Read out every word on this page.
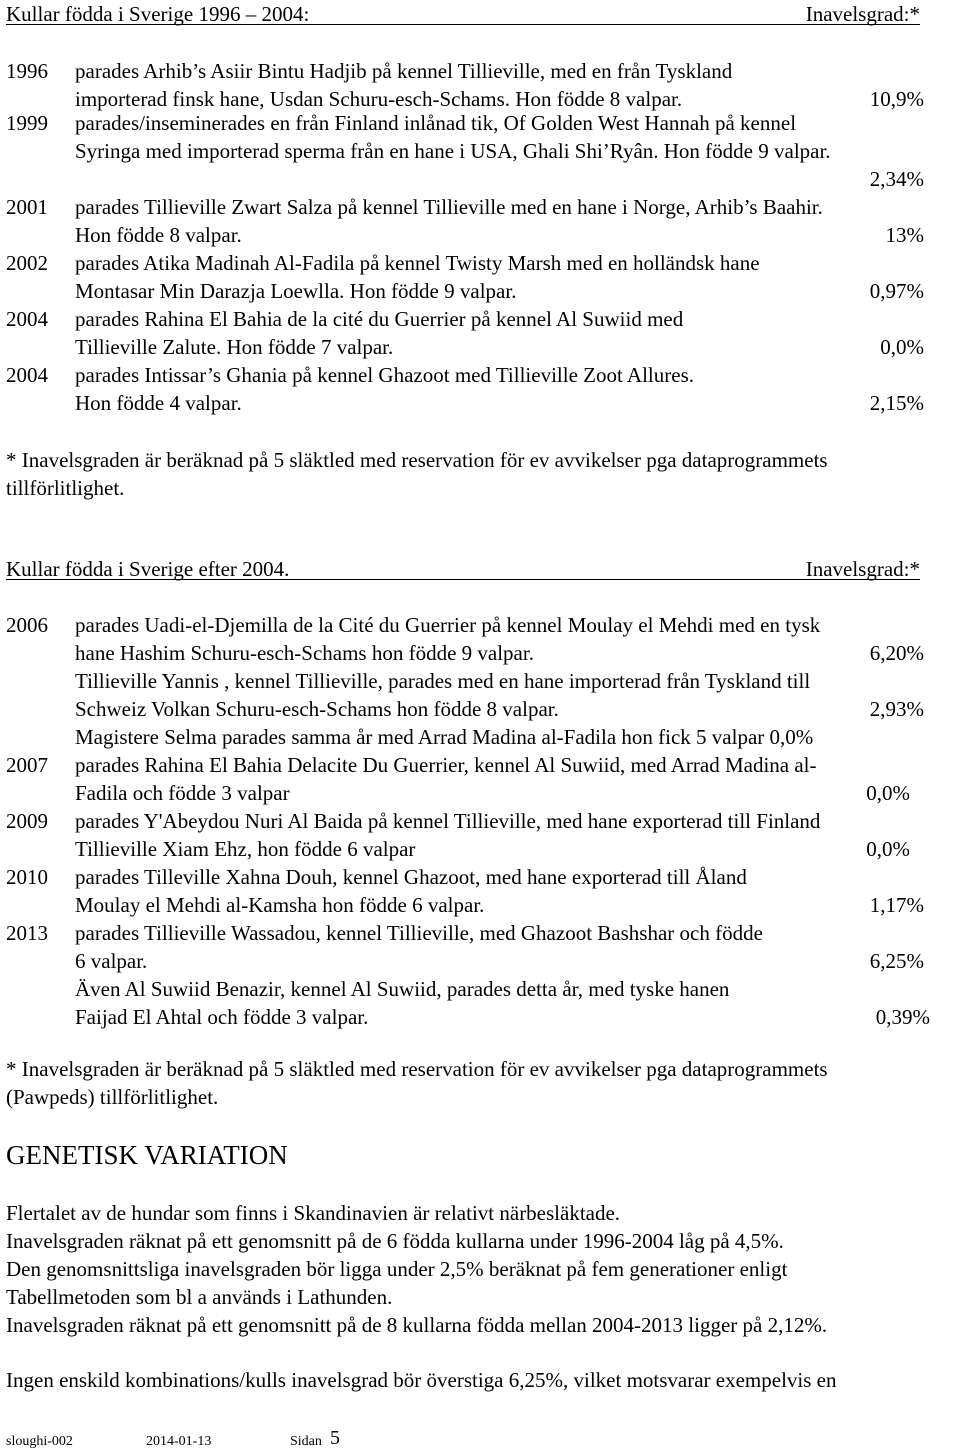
Kullar födda i Sverige 1996 – 2004:	Inavelsgrad:*
1996 parades Arhib’s Asiir Bintu Hadjib på kennel Tillieville, med en från Tyskland
importerad finsk hane, Usdan Schuru-esch-Schams. Hon födde 8 valpar.	10,9%
1999 parades/inseminerades en från Finland inlånad tik, Of Golden West Hannah på kennel
Syringa med importerad sperma från en hane i USA, Ghali Shi’Ryân. Hon födde 9 valpar.
2,34%
2001 parades Tillieville Zwart Salza på kennel Tillieville med en hane i Norge, Arhib’s Baahir.
Hon födde 8 valpar.	13%
2002 parades Atika Madinah Al-Fadila på kennel Twisty Marsh med en holländsk hane
Montasar Min Darazja Loewlla. Hon födde 9 valpar.	0,97%
2004 parades Rahina El Bahia de la cité du Guerrier på kennel Al Suwiid med
Tillieville Zalute. Hon födde 7 valpar.	0,0%
2004 parades Intissar’s Ghania på kennel Ghazoot med Tillieville Zoot Allures.
Hon födde 4 valpar.	2,15%
* Inavelsgraden är beräknad på 5 släktled med reservation för ev avvikelser pga dataprogrammets
tillförlitlighet.
Kullar födda i Sverige efter 2004.	Inavelsgrad:*
2006 parades Uadi-el-Djemilla de la Cité du Guerrier på kennel Moulay el Mehdi med en tysk
hane Hashim Schuru-esch-Schams hon födde 9 valpar.	6,20%
Tillieville Yannis , kennel Tillieville, parades med en hane importerad från Tyskland till
Schweiz Volkan Schuru-esch-Schams hon födde 8 valpar.	2,93%
Magistere Selma parades samma år med Arrad Madina al-Fadila hon fick 5 valpar 0,0%
2007 parades Rahina El Bahia Delacite Du Guerrier, kennel Al Suwiid, med Arrad Madina al-
Fadila och födde 3 valpar	0,0%
2009 parades Y'Abeydou Nuri Al Baida på kennel Tillieville, med hane exporterad till Finland
Tillieville Xiam Ehz, hon födde 6 valpar	0,0%
2010 parades Tilleville Xahna Douh, kennel Ghazoot, med hane exporterad till Åland
Moulay el Mehdi al-Kamsha hon födde 6 valpar.	1,17%
2013 parades Tillieville Wassadou, kennel Tillieville, med Ghazoot Bashshar och födde
6 valpar.	6,25%
Även Al Suwiid Benazir, kennel Al Suwiid, parades detta år, med tyske hanen
Faijad El Ahtal och födde 3 valpar.	0,39%
* Inavelsgraden är beräknad på 5 släktled med reservation för ev avvikelser pga dataprogrammets
(Pawpeds) tillförlitlighet.
GENETISK VARIATION
Flertalet av de hundar som finns i Skandinavien är relativt närbesläktade.
Inavelsgraden räknat på ett genomsnitt på de 6 födda kullarna under 1996-2004 låg på 4,5%.
Den genomsnittsliga inavelsgraden bör ligga under 2,5% beräknat på fem generationer enligt
Tabellmetoden som bl a används i Lathunden.
Inavelsgraden räknat på ett genomsnitt på de 8 kullarna födda mellan 2004-2013 ligger på 2,12%.
Ingen enskild kombinations/kulls inavelsgrad bör överstiga 6,25%, vilket motsvarar exempelvis en
sloughi-002	2014-01-13	Sidan 5
